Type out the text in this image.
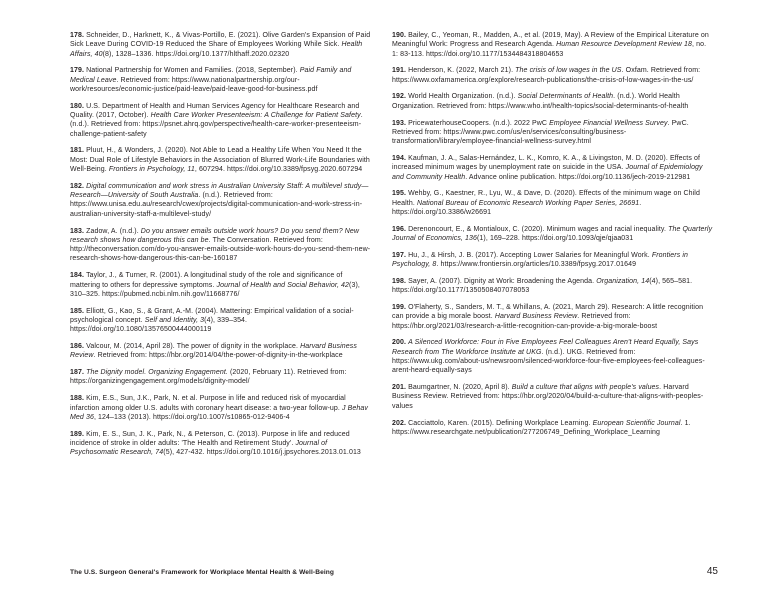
178. Schneider, D., Harknett, K., & Vivas-Portillo, E. (2021). Olive Garden's Expansion of Paid Sick Leave During COVID-19 Reduced the Share of Employees Working While Sick. Health Affairs, 40(8), 1328–1336. https://doi.org/10.1377/hlthaff.2020.02320

179. National Partnership for Women and Families. (2018, September). Paid Family and Medical Leave. Retrieved from: https://www.nationalpartnership.org/our-work/resources/economic-justice/paid-leave/paid-leave-good-for-business.pdf

180. U.S. Department of Health and Human Services Agency for Healthcare Research and Quality. (2017, October). Health Care Worker Presenteeism: A Challenge for Patient Safety. (n.d.). Retrieved from: https://psnet.ahrq.gov/perspective/health-care-worker-presenteeism-challenge-patient-safety

181. Pluut, H., & Wonders, J. (2020). Not Able to Lead a Healthy Life When You Need It the Most: Dual Role of Lifestyle Behaviors in the Association of Blurred Work-Life Boundaries with Well-Being. Frontiers in Psychology, 11, 607294. https://doi.org/10.3389/fpsyg.2020.607294

182. Digital communication and work stress in Australian University Staff: A multilevel study—Research—University of South Australia. (n.d.). Retrieved from: https://www.unisa.edu.au/research/cwex/projects/digital-communication-and-work-stress-in-australian-university-staff-a-multilevel-study/

183. Zadow, A. (n.d.). Do you answer emails outside work hours? Do you send them? New research shows how dangerous this can be. The Conversation. Retrieved from: http://theconversation.com/do-you-answer-emails-outside-work-hours-do-you-send-them-new-research-shows-how-dangerous-this-can-be-160187

184. Taylor, J., & Turner, R. (2001). A longitudinal study of the role and significance of mattering to others for depressive symptoms. Journal of Health and Social Behavior, 42(3), 310–325. https://pubmed.ncbi.nlm.nih.gov/11668776/

185. Elliott, G., Kao, S., & Grant, A.-M. (2004). Mattering: Empirical validation of a social-psychological concept. Self and Identity, 3(4), 339–354. https://doi.org/10.1080/13576500444000119

186. Valcour, M. (2014, April 28). The power of dignity in the workplace. Harvard Business Review. Retrieved from: https://hbr.org/2014/04/the-power-of-dignity-in-the-workplace

187. The Dignity model. Organizing Engagement. (2020, February 11). Retrieved from: https://organizingengagement.org/models/dignity-model/

188. Kim, E.S., Sun, J.K., Park, N. et al. Purpose in life and reduced risk of myocardial infarction among older U.S. adults with coronary heart disease: a two-year follow-up. J Behav Med 36, 124–133 (2013). https://doi.org/10.1007/s10865-012-9406-4

189. Kim, E. S., Sun, J. K., Park, N., & Peterson, C. (2013). Purpose in life and reduced incidence of stroke in older adults: 'The Health and Retirement Study'. Journal of Psychosomatic Research, 74(5), 427-432. https://doi.org/10.1016/j.jpsychores.2013.01.013

190. Bailey, C., Yeoman, R., Madden, A., et al. (2019, May). A Review of the Empirical Literature on Meaningful Work: Progress and Research Agenda. Human Resource Development Review 18, no. 1: 83-113. https://doi.org/10.1177/1534484318804653

191. Henderson, K. (2022, March 21). The crisis of low wages in the US. Oxfam. Retrieved from: https://www.oxfamamerica.org/explore/research-publications/the-crisis-of-low-wages-in-the-us/

192. World Health Organization. (n.d.). Social Determinants of Health. (n.d.). World Health Organization. Retrieved from: https://www.who.int/health-topics/social-determinants-of-health

193. PricewaterhouseCoopers. (n.d.). 2022 PwC Employee Financial Wellness Survey. PwC. Retrieved from: https://www.pwc.com/us/en/services/consulting/business-transformation/library/employee-financial-wellness-survey.html

194. Kaufman, J. A., Salas-Hernández, L. K., Komro, K. A., & Livingston, M. D. (2020). Effects of increased minimum wages by unemployment rate on suicide in the USA. Journal of Epidemiology and Community Health. Advance online publication. https://doi.org/10.1136/jech-2019-212981

195. Wehby, G., Kaestner, R., Lyu, W., & Dave, D. (2020). Effects of the minimum wage on Child Health. National Bureau of Economic Research Working Paper Series, 26691. https://doi.org/10.3386/w26691

196. Derenoncourt, E., & Montialoux, C. (2020). Minimum wages and racial inequality. The Quarterly Journal of Economics, 136(1), 169–228. https://doi.org/10.1093/qje/qjaa031

197. Hu, J., & Hirsh, J. B. (2017). Accepting Lower Salaries for Meaningful Work. Frontiers in Psychology, 8. https://www.frontiersin.org/articles/10.3389/fpsyg.2017.01649

198. Sayer, A. (2007). Dignity at Work: Broadening the Agenda. Organization, 14(4), 565–581. https://doi.org/10.1177/1350508407078053

199. O'Flaherty, S., Sanders, M. T., & Whillans, A. (2021, March 29). Research: A little recognition can provide a big morale boost. Harvard Business Review. Retrieved from: https://hbr.org/2021/03/research-a-little-recognition-can-provide-a-big-morale-boost

200. A Silenced Workforce: Four in Five Employees Feel Colleagues Aren't Heard Equally, Says Research from The Workforce Institute at UKG. (n.d.). UKG. Retrieved from: https://www.ukg.com/about-us/newsroom/silenced-workforce-four-five-employees-feel-colleagues-arent-heard-equally-says

201. Baumgartner, N. (2020, April 8). Build a culture that aligns with people's values. Harvard Business Review. Retrieved from: https://hbr.org/2020/04/build-a-culture-that-aligns-with-peoples-values

202. Cacciattolo, Karen. (2015). Defining Workplace Learning. European Scientific Journal. 1. https://www.researchgate.net/publication/277206749_Defining_Workplace_Learning

The U.S. Surgeon General's Framework for Workplace Mental Health & Well-Being	45
